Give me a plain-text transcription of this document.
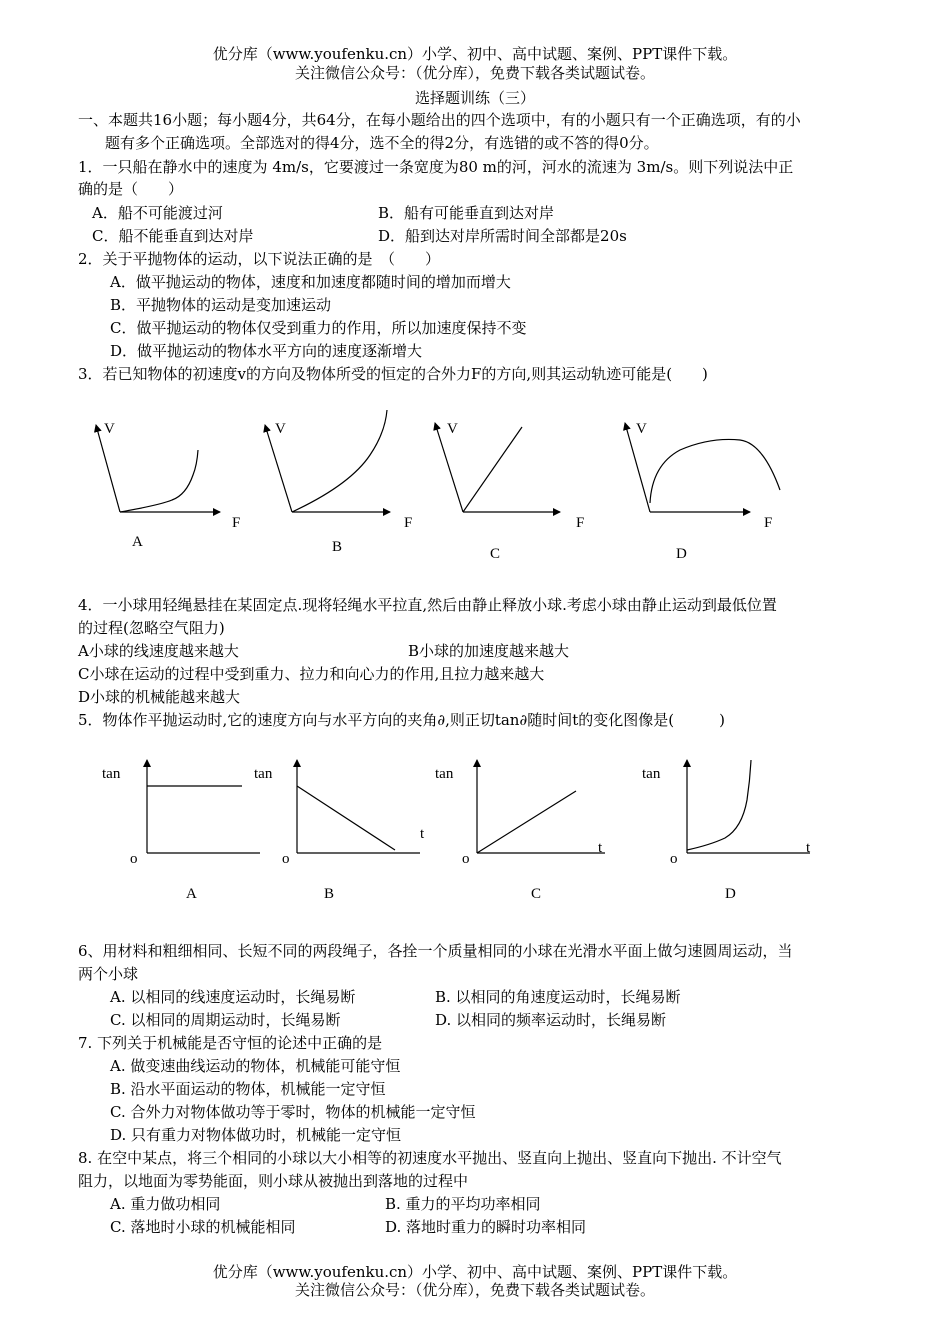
优分库（www.youfenku.cn）小学、初中、高中试题、案例、PPT课件下载。
关注微信公众号：（优分库），免费下载各类试题试卷。
选择题训练（三）
一、本题共16小题；每小题4分，共64分，在每小题给出的四个选项中，有的小题只有一个正确选项，有的小
题有多个正确选项。全部选对的得4分，选不全的得2分，有选错的或不答的得0分。
1．一只船在静水中的速度为 4m/s，它要渡过一条宽度为80 m的河，河水的流速为 3m/s。则下列说法中正
确的是（　　）
A．船不可能渡过河	B．船有可能垂直到达对岸
C．船不能垂直到达对岸	D．船到达对岸所需时间全部都是20s
2．关于平抛物体的运动，以下说法正确的是　（　　）
A．做平抛运动的物体，速度和加速度都随时间的增加而增大
B．平抛物体的运动是变加速运动
C．做平抛运动的物体仅受到重力的作用，所以加速度保持不变
D．做平抛运动的物体水平方向的速度逐渐增大
3．若已知物体的初速度v的方向及物体所受的恒定的合外力F的方向,则其运动轨迹可能是(　　)
V
F
A
V
F
B
V
F
C
V
F
D
4．一小球用轻绳悬挂在某固定点.现将轻绳水平拉直,然后由静止释放小球.考虑小球由静止运动到最低位置
的过程(忽略空气阻力)
A小球的线速度越来越大	B小球的加速度越来越大
C小球在运动的过程中受到重力、拉力和向心力的作用,且拉力越来越大
D小球的机械能越来越大
5．物体作平抛运动时,它的速度方向与水平方向的夹角∂,则正切tan∂随时间t的变化图像是(　　　)
tan
o
A
tan
t
o
B
tan
t
o
C
tan
t
o
D
6、用材料和粗细相同、长短不同的两段绳子，各拴一个质量相同的小球在光滑水平面上做匀速圆周运动，当
两个小球
A. 以相同的线速度运动时，长绳易断	B. 以相同的角速度运动时，长绳易断
C. 以相同的周期运动时，长绳易断	D. 以相同的频率运动时，长绳易断
7. 下列关于机械能是否守恒的论述中正确的是
A. 做变速曲线运动的物体，机械能可能守恒
B. 沿水平面运动的物体，机械能一定守恒
C. 合外力对物体做功等于零时，物体的机械能一定守恒
D. 只有重力对物体做功时，机械能一定守恒
8. 在空中某点，将三个相同的小球以大小相等的初速度水平抛出、竖直向上抛出、竖直向下抛出. 不计空气
阻力，以地面为零势能面，则小球从被抛出到落地的过程中
A. 重力做功相同	B. 重力的平均功率相同
C. 落地时小球的机械能相同	D. 落地时重力的瞬时功率相同
优分库（www.youfenku.cn）小学、初中、高中试题、案例、PPT课件下载。
关注微信公众号：（优分库），免费下载各类试题试卷。
